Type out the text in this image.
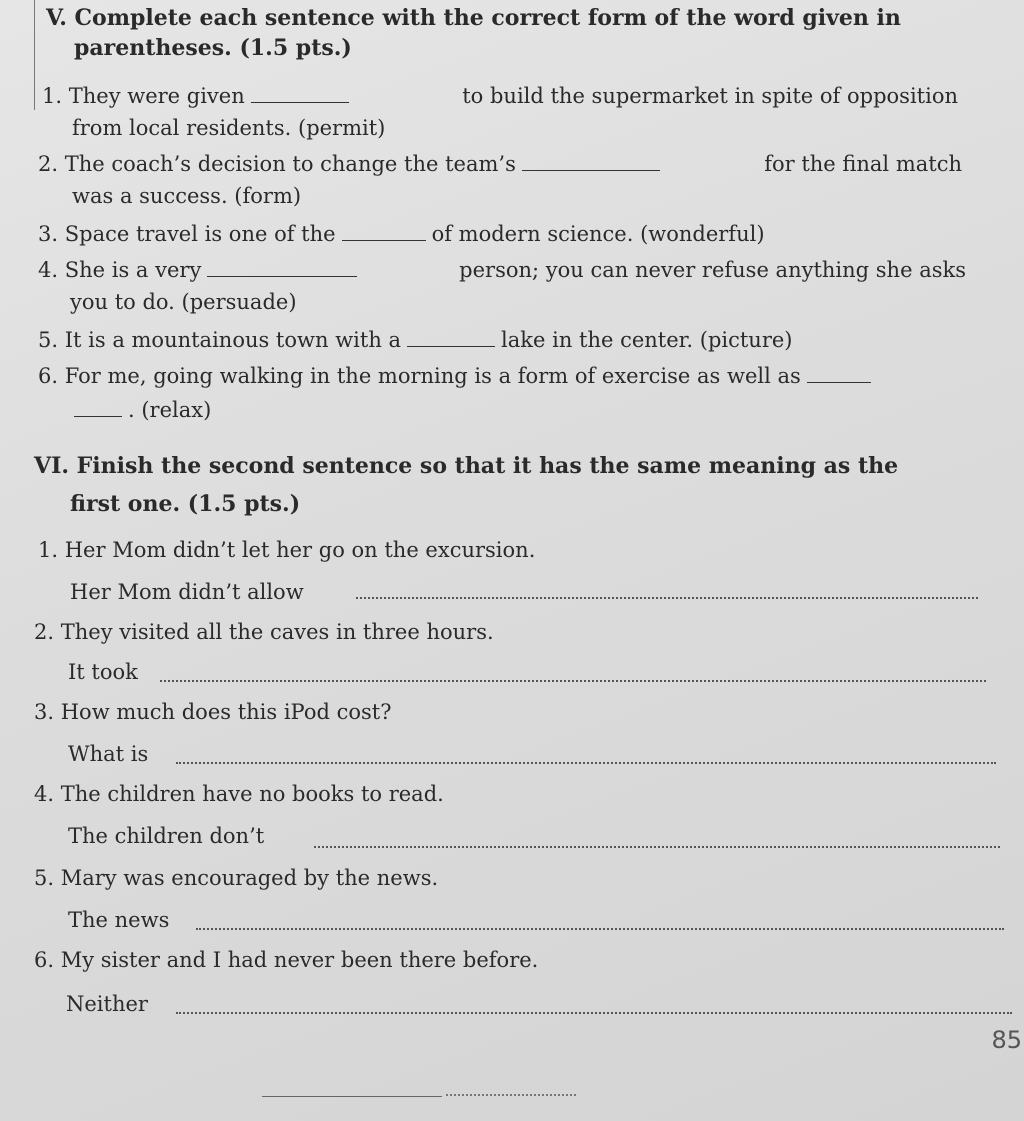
V. Complete each sentence with the correct form of the word given in
parentheses. (1.5 pts.)
1. They were given	to build the supermarket in spite of opposition
from local residents. (permit)
2. The coach’s decision to change the team’s	for the final match
was a success. (form)
3. Space travel is one of the	of modern science. (wonderful)
4. She is a very	person; you can never refuse anything she asks
you to do. (persuade)
5. It is a mountainous town with a	lake in the center. (picture)
6. For me, going walking in the morning is a form of exercise as well as
. (relax)
VI. Finish the second sentence so that it has the same meaning as the
first one. (1.5 pts.)
1. Her Mom didn’t let her go on the excursion.
Her Mom didn’t allow
2. They visited all the caves in three hours.
It took
3. How much does this iPod cost?
What is
4. The children have no books to read.
The children don’t
5. Mary was encouraged by the news.
The news
6. My sister and I had never been there before.
Neither
85
